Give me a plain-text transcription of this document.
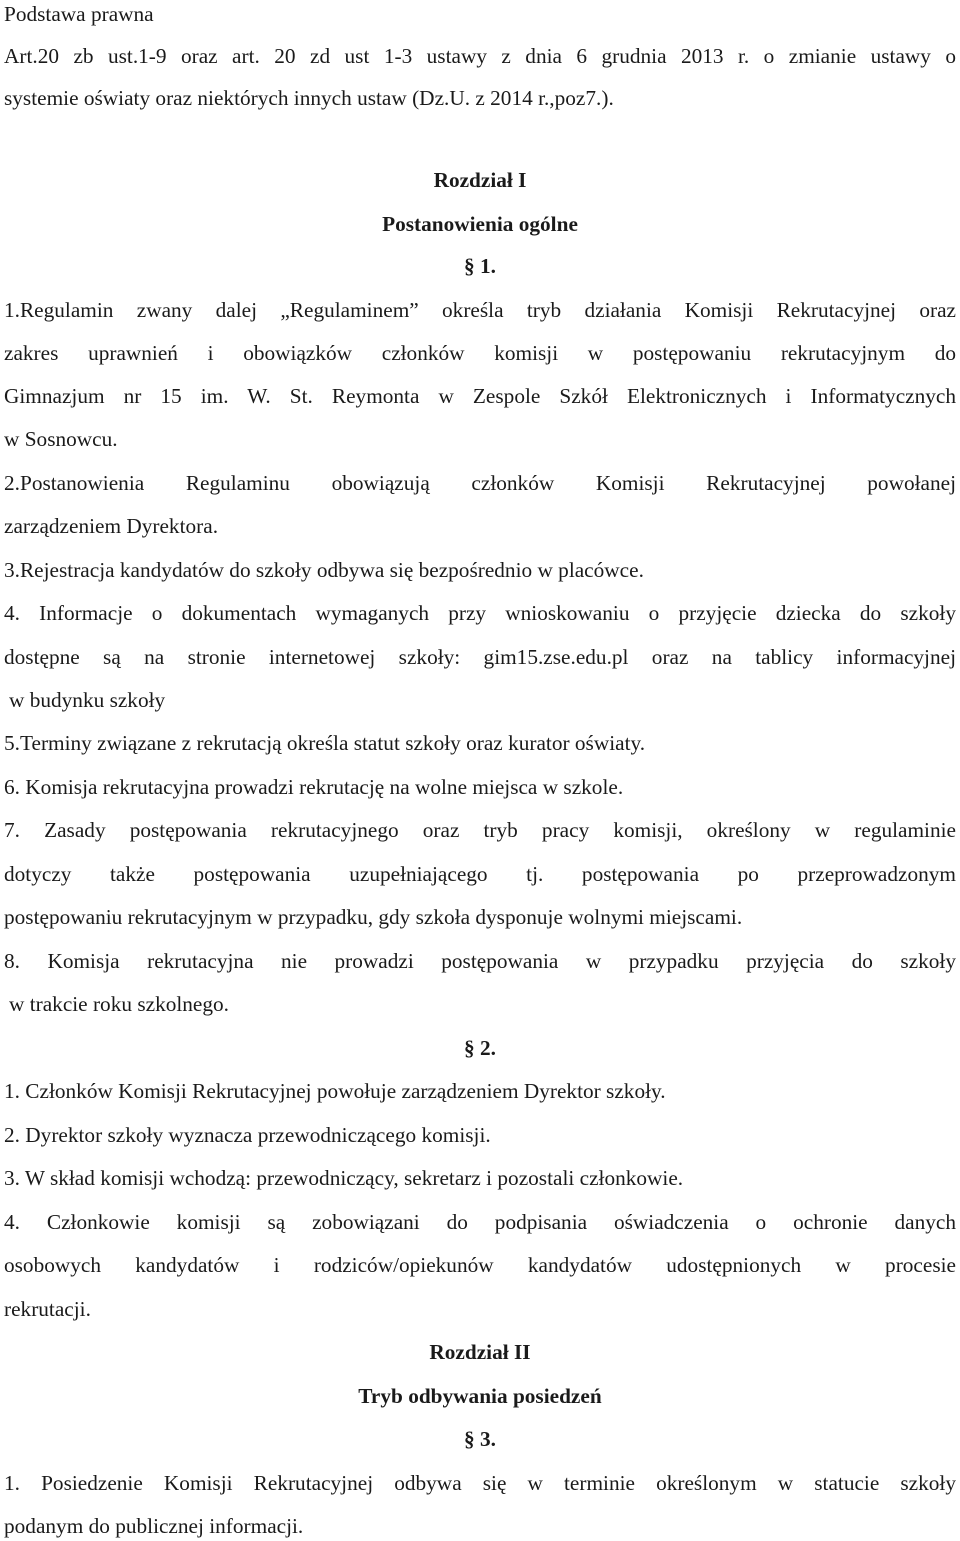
Podstawa prawna
Art.20 zb ust.1-9 oraz art. 20 zd ust 1-3 ustawy z dnia 6 grudnia 2013 r. o zmianie ustawy o
systemie oświaty oraz niektórych innych ustaw (Dz.U. z 2014 r.,poz7.).
Rozdział I
Postanowienia ogólne
§ 1.
1.Regulamin zwany dalej „Regulaminem” określa tryb działania Komisji Rekrutacyjnej oraz
zakres uprawnień i obowiązków członków komisji w postępowaniu rekrutacyjnym do
Gimnazjum nr 15 im. W. St. Reymonta w Zespole Szkół Elektronicznych i Informatycznych
w Sosnowcu.
2.Postanowienia Regulaminu obowiązują członków Komisji Rekrutacyjnej powołanej
zarządzeniem Dyrektora.
3.Rejestracja kandydatów do szkoły odbywa się bezpośrednio w placówce.
4. Informacje o dokumentach wymaganych przy wnioskowaniu o przyjęcie dziecka do szkoły
dostępne są na stronie internetowej szkoły: gim15.zse.edu.pl oraz na tablicy informacyjnej
w budynku szkoły
5.Terminy związane z rekrutacją określa statut szkoły oraz kurator oświaty.
6. Komisja rekrutacyjna prowadzi rekrutację na wolne miejsca w szkole.
7. Zasady postępowania rekrutacyjnego oraz tryb pracy komisji, określony w regulaminie
dotyczy także postępowania uzupełniającego tj. postępowania po przeprowadzonym
postępowaniu rekrutacyjnym w przypadku, gdy szkoła dysponuje wolnymi miejscami.
8. Komisja rekrutacyjna nie prowadzi postępowania w przypadku przyjęcia do szkoły
w trakcie roku szkolnego.
§ 2.
1. Członków Komisji Rekrutacyjnej powołuje zarządzeniem Dyrektor szkoły.
2. Dyrektor szkoły wyznacza przewodniczącego komisji.
3. W skład komisji wchodzą: przewodniczący, sekretarz i pozostali członkowie.
4. Członkowie komisji są zobowiązani do podpisania oświadczenia o ochronie danych
osobowych kandydatów i rodziców/opiekunów kandydatów udostępnionych w procesie
rekrutacji.
Rozdział II
Tryb odbywania posiedzeń
§ 3.
1. Posiedzenie Komisji Rekrutacyjnej odbywa się w terminie określonym w statucie szkoły
podanym do publicznej informacji.
